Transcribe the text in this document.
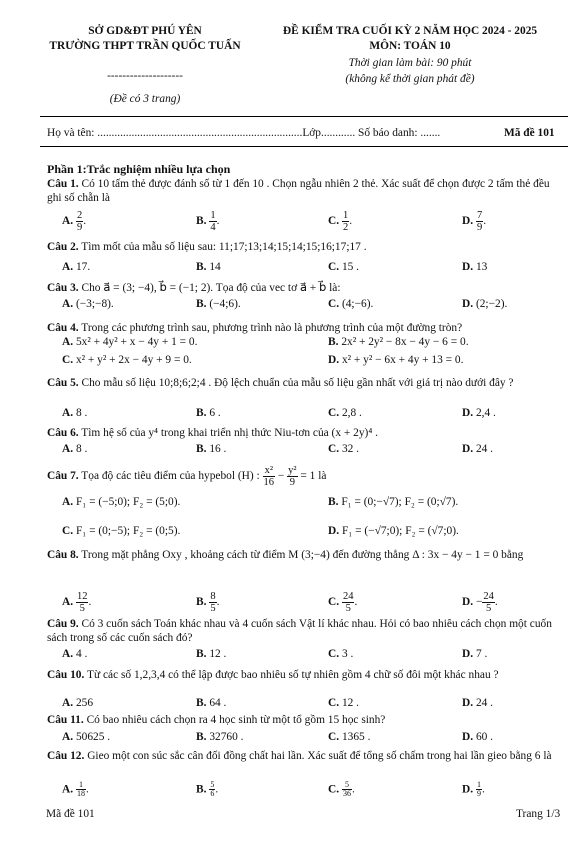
SỞ GD&ĐT PHÚ YÊN
TRƯỜNG THPT TRẦN QUỐC TUẤN
ĐỀ KIỂM TRA CUỐI KỲ 2 NĂM HỌC 2024 - 2025
MÔN: TOÁN 10
Thời gian làm bài: 90 phút
--------------------	(không kể thời gian phát đề)
(Đề có 3 trang)
Họ và tên: ........................................................................Lớp............ Số báo danh: .......	Mã đề 101
Phần 1:Trắc nghiệm nhiều lựa chọn
Câu 1. Có 10 tấm thẻ được đánh số từ 1 đến 10 . Chọn ngẫu nhiên 2 thẻ. Xác suất để chọn được 2 tấm thẻ đều ghi số chẵn là
A. $\frac{2}{9}$ .	B. $\frac{1}{4}$ .	C. $\frac{1}{2}$ .	D. $\frac{7}{9}$ .
Câu 2. Tìm mốt của mẫu số liệu sau: 11;17;13;14;15;14;15;16;17;17 .
A. 17.	B. 14	C. 15 .	D. 13
Câu 3. Cho a⃗ = (3; −4), b⃗ = (−1; 2). Tọa độ của vec tơ a⃗ + b⃗ là:
A. (−3;−8).	B. (−4;6).	C. (4;−6).	D. (2;−2).
Câu 4. Trong các phương trình sau, phương trình nào là phương trình của một đường tròn?
A. 5x² + 4y² + x − 4y + 1 = 0.	B. 2x² + 2y² − 8x − 4y − 6 = 0.
C. x² + y² + 2x − 4y + 9 = 0.	D. x² + y² − 6x + 4y + 13 = 0.
Câu 5. Cho mẫu số liệu 10;8;6;2;4 . Độ lệch chuẩn của mẫu số liệu gần nhất với giá trị nào dưới đây ?
A. 8 .	B. 6 .	C. 2,8 .	D. 2,4 .
Câu 6. Tìm hệ số của y⁴ trong khai triển nhị thức Niu-tơn của (x + 2y)⁴ .
A. 8 .	B. 16 .	C. 32 .	D. 24 .
Câu 7. Tọa độ các tiêu điểm của hypebol (H) : $\frac{\text{x²}}{16} - \frac{\text{y²}}{9} = 1$ là
A. F₁ = (−5;0); F₂ = (5;0).	B. F₁ = (0;−√7); F₂ = (0;√7).
C. F₁ = (0;−5); F₂ = (0;5).	D. F₁ = (−√7;0); F₂ = (√7;0).
Câu 8. Trong mặt phẳng Oxy , khoảng cách từ điểm M (3;−4) đến đường thẳng Δ : 3x − 4y − 1 = 0 bằng
A. $\frac{12}{5}$ .	B. $\frac{8}{5}$ .	C. $\frac{24}{5}$ .	D. − $\frac{24}{5}$ .
Câu 9. Có 3 cuốn sách Toán khác nhau và 4 cuốn sách Vật lí khác nhau. Hỏi có bao nhiêu cách chọn một cuốn sách trong số các cuốn sách đó?
A. 4 .	B. 12 .	C. 3 .	D. 7 .
Câu 10. Từ các số 1,2,3,4 có thể lập được bao nhiêu số tự nhiên gồm 4 chữ số đôi một khác nhau ?
A. 256	B. 64 .	C. 12 .	D. 24 .
Câu 11. Có bao nhiêu cách chọn ra 4 học sinh từ một tổ gồm 15 học sinh?
A. 50625 .	B. 32760 .	C. 1365 .	D. 60 .
Câu 12. Gieo một con súc sắc cân đối đồng chất hai lần. Xác suất để tổng số chấm trong hai lần gieo bằng 6 là
A. $\frac{1}{18}$ .	B. $\frac{5}{6}$ .	C. $\frac{5}{36}$ .	D. $\frac{1}{9}$ .
Mã đề 101	Trang 1/3
